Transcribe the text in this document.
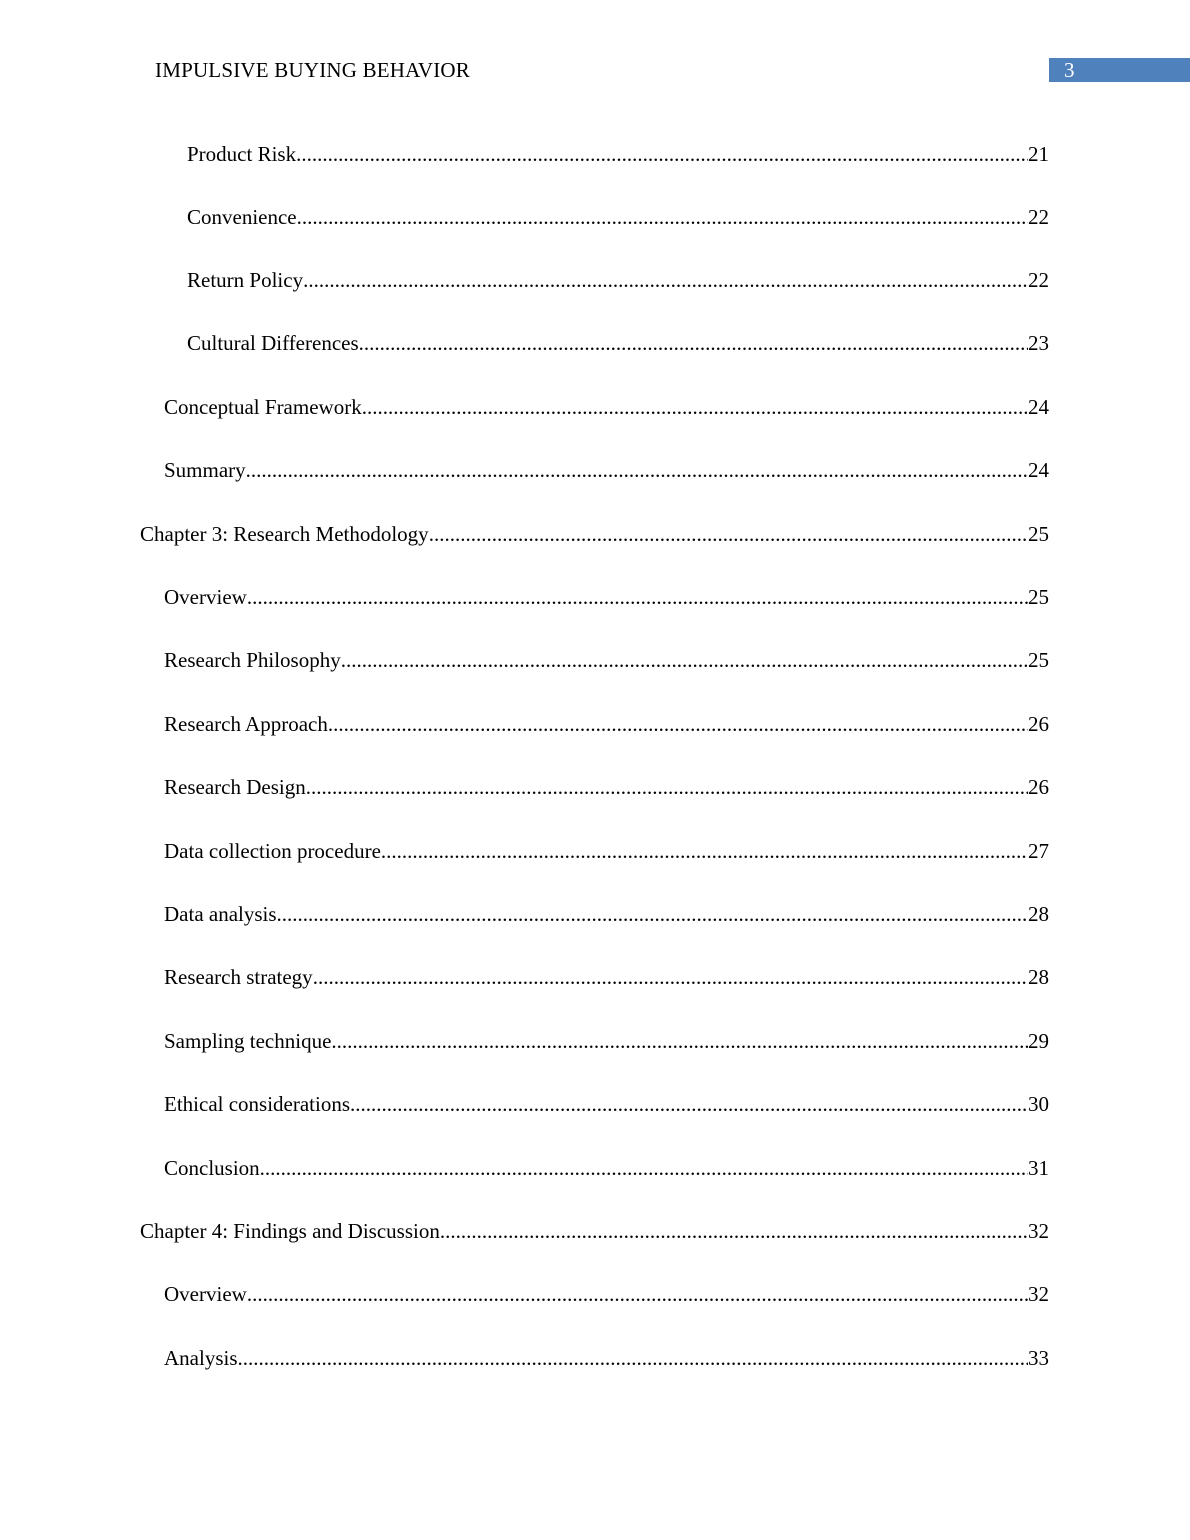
IMPULSIVE BUYING BEHAVIOR	3
Product Risk .....	21
Convenience .....	22
Return Policy .....	22
Cultural Differences .....	23
Conceptual Framework .....	24
Summary .....	24
Chapter 3: Research Methodology .....	25
Overview .....	25
Research Philosophy .....	25
Research Approach .....	26
Research Design .....	26
Data collection procedure .....	27
Data analysis .....	28
Research strategy .....	28
Sampling technique .....	29
Ethical considerations .....	30
Conclusion .....	31
Chapter 4: Findings and Discussion .....	32
Overview .....	32
Analysis .....	33
